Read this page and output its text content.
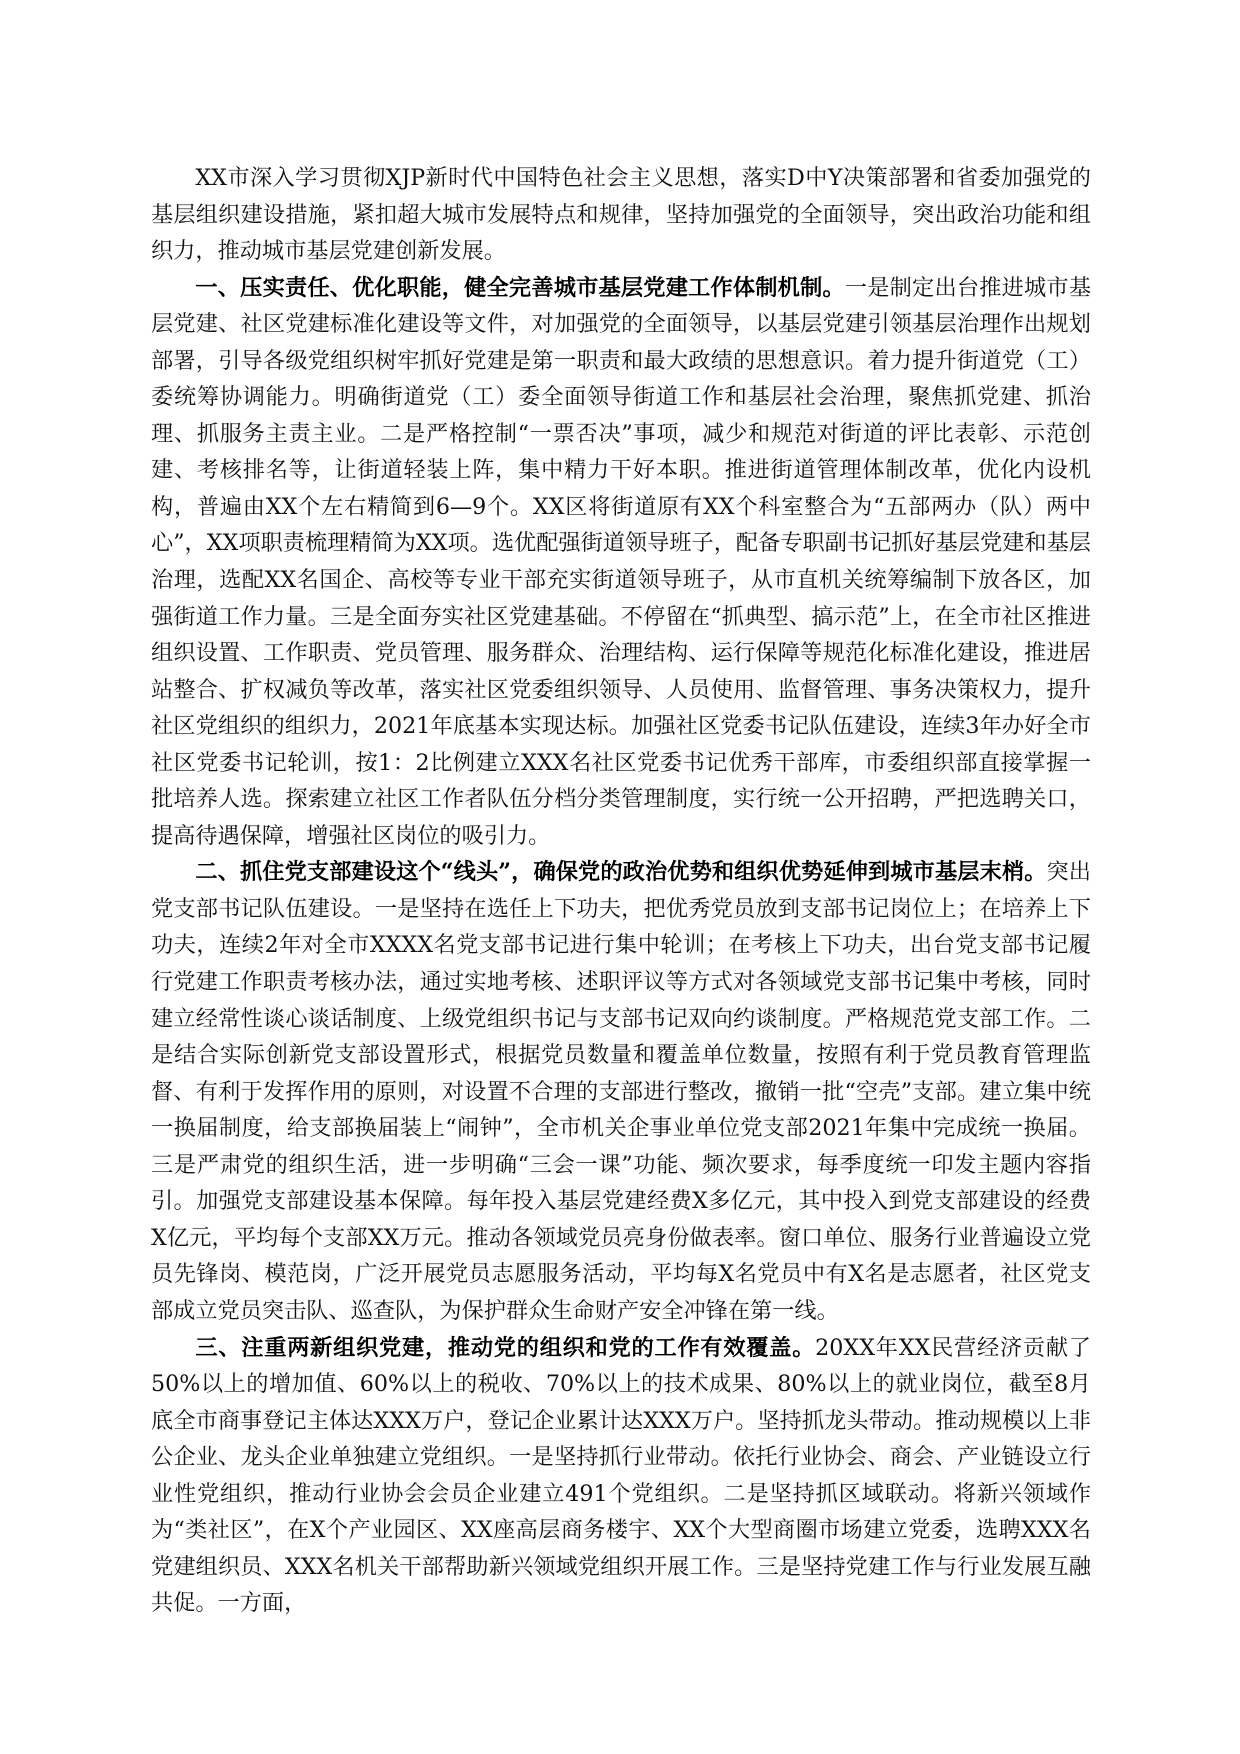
XX市深入学习贯彻XJP新时代中国特色社会主义思想，落实D中Y决策部署和省委加强党的基层组织建设措施，紧扣超大城市发展特点和规律，坚持加强党的全面领导，突出政治功能和组织力，推动城市基层党建创新发展。

一、压实责任、优化职能，健全完善城市基层党建工作体制机制。一是制定出台推进城市基层党建、社区党建标准化建设等文件，对加强党的全面领导，以基层党建引领基层治理作出规划部署，引导各级党组织树牢抓好党建是第一职责和最大政绩的思想意识。着力提升街道党（工）委统筹协调能力。明确街道党（工）委全面领导街道工作和基层社会治理，聚焦抓党建、抓治理、抓服务主责主业。二是严格控制“一票否决”事项，减少和规范对街道的评比表彰、示范创建、考核排名等，让街道轻装上阵，集中精力干好本职。推进街道管理体制改革，优化内设机构，普遍由XX个左右精简到6—9个。XX区将街道原有XX个科室整合为“五部两办（队）两中心”，XX项职责梳理精简为XX项。选优配强街道领导班子，配备专职副书记抓好基层党建和基层治理，选配XX名国企、高校等专业干部充实街道领导班子，从市直机关统筹编制下放各区，加强街道工作力量。三是全面夯实社区党建基础。不停留在“抓典型、搞示范”上，在全市社区推进组织设置、工作职责、党员管理、服务群众、治理结构、运行保障等规范化标准化建设，推进居站整合、扩权减负等改革，落实社区党委组织领导、人员使用、监督管理、事务决策权力，提升社区党组织的组织力，2021年底基本实现达标。加强社区党委书记队伍建设，连续3年办好全市社区党委书记轮训，按1：2比例建立XXX名社区党委书记优秀干部库，市委组织部直接掌握一批培养人选。探索建立社区工作者队伍分档分类管理制度，实行统一公开招聘，严把选聘关口，提高待遇保障，增强社区岗位的吸引力。

二、抓住党支部建设这个“线头”，确保党的政治优势和组织优势延伸到城市基层末梢。突出党支部书记队伍建设。一是坚持在选任上下功夫，把优秀党员放到支部书记岗位上；在培养上下功夫，连续2年对全市XXXX名党支部书记进行集中轮训；在考核上下功夫，出台党支部书记履行党建工作职责考核办法，通过实地考核、述职评议等方式对各领域党支部书记集中考核，同时建立经常性谈心谈话制度、上级党组织书记与支部书记双向约谈制度。严格规范党支部工作。二是结合实际创新党支部设置形式，根据党员数量和覆盖单位数量，按照有利于党员教育管理监督、有利于发挥作用的原则，对设置不合理的支部进行整改，撤销一批“空壳”支部。建立集中统一换届制度，给支部换届装上“闹钟”，全市机关企事业单位党支部2021年集中完成统一换届。三是严肃党的组织生活，进一步明确“三会一课”功能、频次要求，每季度统一印发主题内容指引。加强党支部建设基本保障。每年投入基层党建经费X多亿元，其中投入到党支部建设的经费X亿元，平均每个支部XX万元。推动各领域党员亮身份做表率。窗口单位、服务行业普遍设立党员先锋岗、模范岗，广泛开展党员志愿服务活动，平均每X名党员中有X名是志愿者，社区党支部成立党员突击队、巡查队，为保护群众生命财产安全冲锋在第一线。

三、注重两新组织党建，推动党的组织和党的工作有效覆盖。20XX年XX民营经济贡献了50%以上的增加值、60%以上的税收、70%以上的技术成果、80%以上的就业岗位，截至8月底全市商事登记主体达XXX万户，登记企业累计达XXX万户。坚持抓龙头带动。推动规模以上非公企业、龙头企业单独建立党组织。一是坚持抓行业带动。依托行业协会、商会、产业链设立行业性党组织，推动行业协会会员企业建立491个党组织。二是坚持抓区域联动。将新兴领域作为“类社区”，在X个产业园区、XX座高层商务楼宇、XX个大型商圈市场建立党委，选聘XXX名党建组织员、XXX名机关干部帮助新兴领域党组织开展工作。三是坚持党建工作与行业发展互融共促。一方面，
